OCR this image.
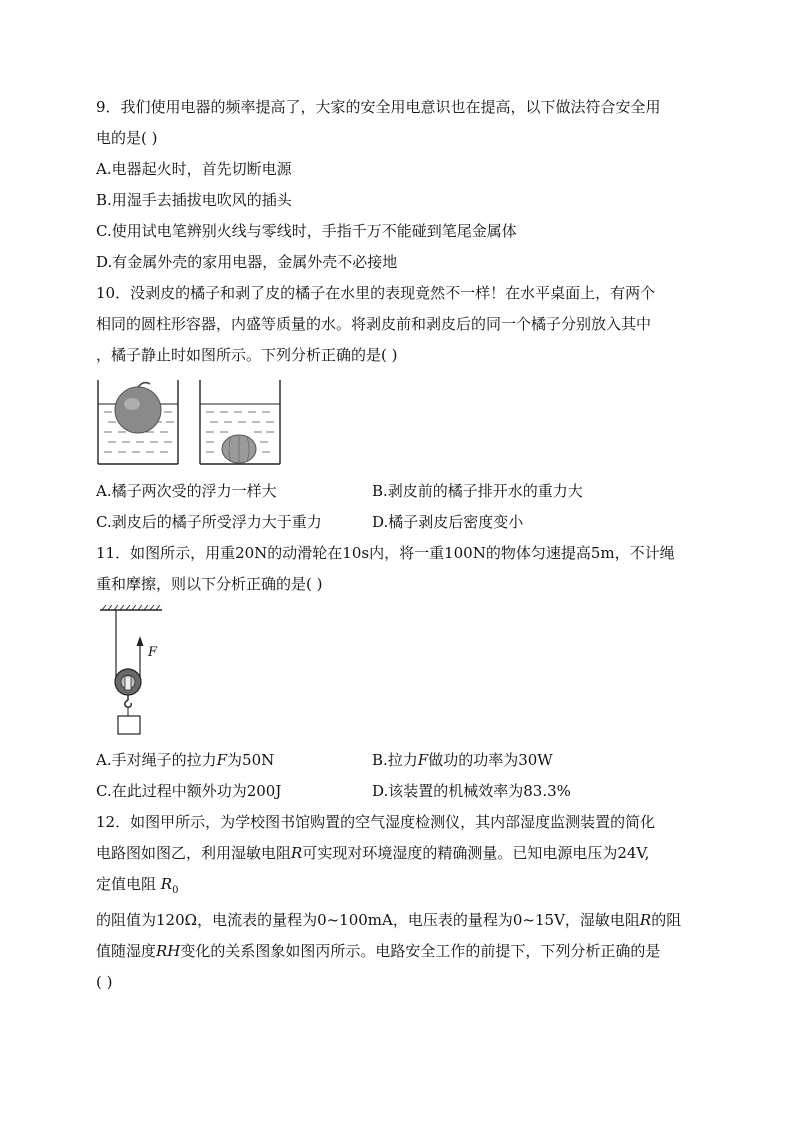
9．我们使用电器的频率提高了，大家的安全用电意识也在提高，以下做法符合安全用
电的是( )
A.电器起火时，首先切断电源
B.用湿手去插拔电吹风的插头
C.使用试电笔辨别火线与零线时，手指千万不能碰到笔尾金属体
D.有金属外壳的家用电器，金属外壳不必接地
10．没剥皮的橘子和剥了皮的橘子在水里的表现竟然不一样！在水平桌面上，有两个
相同的圆柱形容器，内盛等质量的水。将剥皮前和剥皮后的同一个橘子分别放入其中
，橘子静止时如图所示。下列分析正确的是( )
A.橘子两次受的浮力一样大	B.剥皮前的橘子排开水的重力大
C.剥皮后的橘子所受浮力大于重力	D.橘子剥皮后密度变小
11．如图所示，用重20N的动滑轮在10s内，将一重100N的物体匀速提高5m，不计绳
重和摩擦，则以下分析正确的是( )
F
A.手对绳子的拉力F为50N	B.拉力F做功的功率为30W
C.在此过程中额外功为200J	D.该装置的机械效率为83.3%
12．如图甲所示，为学校图书馆购置的空气湿度检测仪，其内部湿度监测装置的简化
电路图如图乙，利用湿敏电阻R可实现对环境湿度的精确测量。已知电源电压为24V,
定值电阻 $R_0$
的阻值为120Ω，电流表的量程为0~100mA，电压表的量程为0~15V，湿敏电阻R的阻
值随湿度RH变化的关系图象如图丙所示。电路安全工作的前提下，下列分析正确的是
( )
